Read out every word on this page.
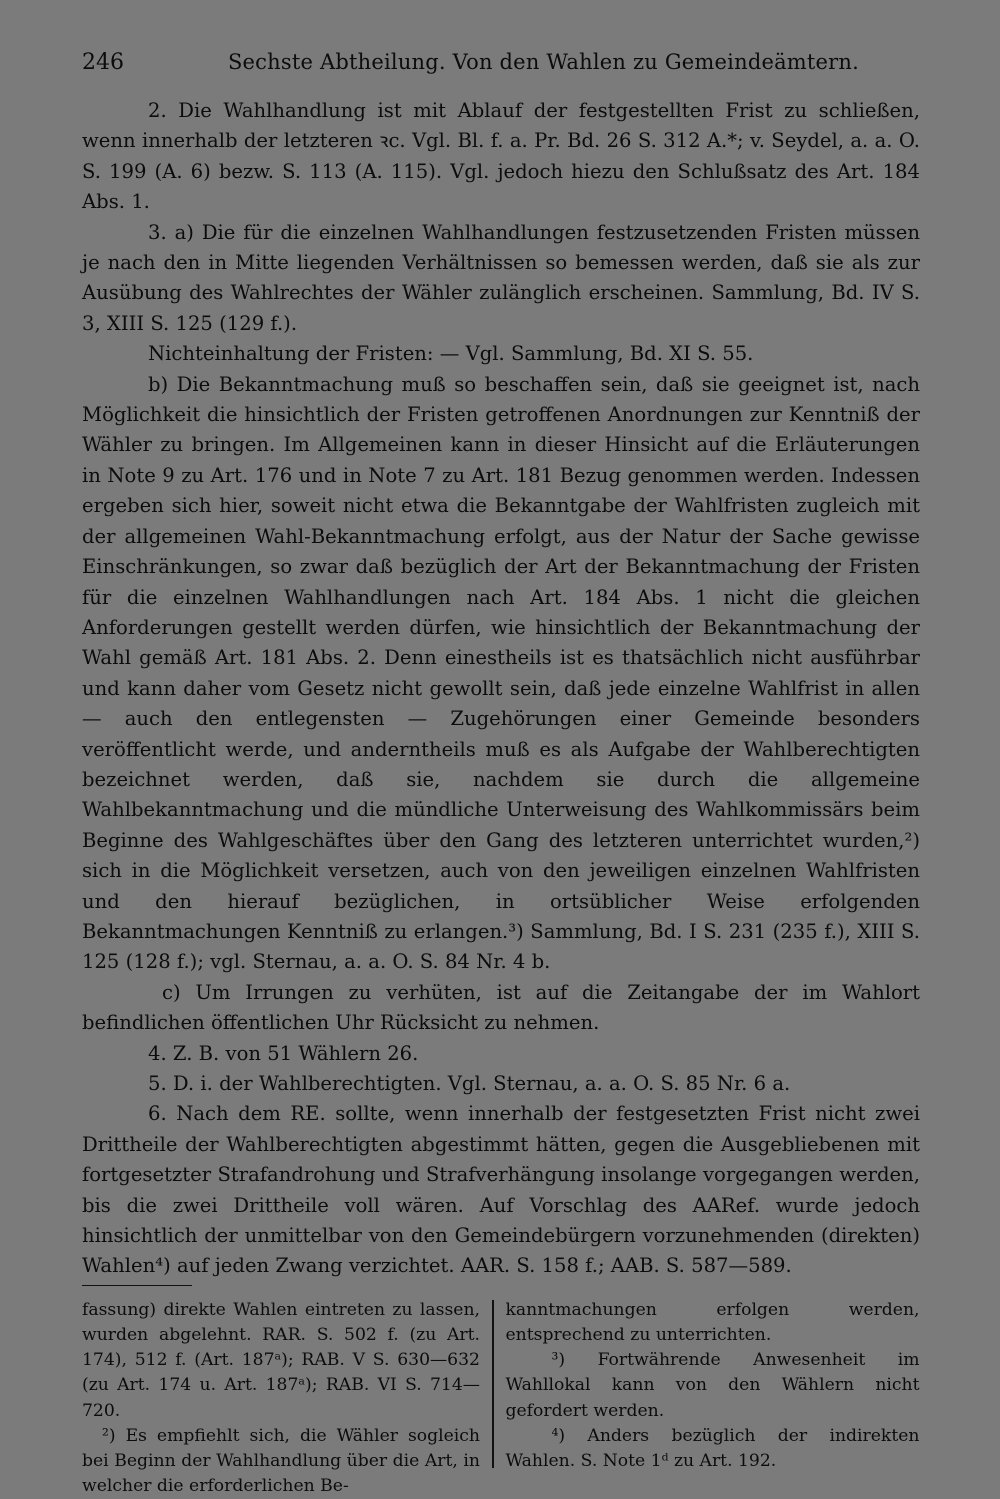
246	Sechste Abtheilung. Von den Wahlen zu Gemeindeämtern.

2. Die Wahlhandlung ist mit Ablauf der festgestellten Frist zu schließen, wenn innerhalb der letzteren ꝛc. Vgl. Bl. f. a. Pr. Bd. 26 S. 312 A.*; v. Seydel, a. a. O. S. 199 (A. 6) bezw. S. 113 (A. 115). Vgl. jedoch hiezu den Schlußsatz des Art. 184 Abs. 1.

3. a) Die für die einzelnen Wahlhandlungen festzusetzenden Fristen müssen je nach den in Mitte liegenden Verhältnissen so bemessen werden, daß sie als zur Ausübung des Wahlrechtes der Wähler zulänglich erscheinen. Sammlung, Bd. IV S. 3, XIII S. 125 (129 f.).

Nichteinhaltung der Fristen: — Vgl. Sammlung, Bd. XI S. 55.

b) Die Bekanntmachung muß so beschaffen sein, daß sie geeignet ist, nach Möglichkeit die hinsichtlich der Fristen getroffenen Anordnungen zur Kenntniß der Wähler zu bringen. Im Allgemeinen kann in dieser Hinsicht auf die Erläuterungen in Note 9 zu Art. 176 und in Note 7 zu Art. 181 Bezug genommen werden. Indessen ergeben sich hier, soweit nicht etwa die Bekanntgabe der Wahlfristen zugleich mit der allgemeinen Wahl-Bekanntmachung erfolgt, aus der Natur der Sache gewisse Einschränkungen, so zwar daß bezüglich der Art der Bekanntmachung der Fristen für die einzelnen Wahlhandlungen nach Art. 184 Abs. 1 nicht die gleichen Anforderungen gestellt werden dürfen, wie hinsichtlich der Bekanntmachung der Wahl gemäß Art. 181 Abs. 2. Denn einestheils ist es thatsächlich nicht ausführbar und kann daher vom Gesetz nicht gewollt sein, daß jede einzelne Wahlfrist in allen — auch den entlegensten — Zugehörungen einer Gemeinde besonders veröffentlicht werde, und anderntheils muß es als Aufgabe der Wahlberechtigten bezeichnet werden, daß sie, nachdem sie durch die allgemeine Wahlbekanntmachung und die mündliche Unterweisung des Wahlkommissärs beim Beginne des Wahlgeschäftes über den Gang des letzteren unterrichtet wurden,²) sich in die Möglichkeit versetzen, auch von den jeweiligen einzelnen Wahlfristen und den hierauf bezüglichen, in ortsüblicher Weise erfolgenden Bekanntmachungen Kenntniß zu erlangen.³) Sammlung, Bd. I S. 231 (235 f.), XIII S. 125 (128 f.); vgl. Sternau, a. a. O. S. 84 Nr. 4 b.

c) Um Irrungen zu verhüten, ist auf die Zeitangabe der im Wahlort befindlichen öffentlichen Uhr Rücksicht zu nehmen.

4. Z. B. von 51 Wählern 26.

5. D. i. der Wahlberechtigten. Vgl. Sternau, a. a. O. S. 85 Nr. 6 a.

6. Nach dem RE. sollte, wenn innerhalb der festgesetzten Frist nicht zwei Drittheile der Wahlberechtigten abgestimmt hätten, gegen die Ausgebliebenen mit fortgesetzter Strafandrohung und Strafverhängung insolange vorgegangen werden, bis die zwei Drittheile voll wären. Auf Vorschlag des AARef. wurde jedoch hinsichtlich der unmittelbar von den Gemeindebürgern vorzunehmenden (direkten) Wahlen⁴) auf jeden Zwang verzichtet. AAR. S. 158 f.; AAB. S. 587—589.

fassung) direkte Wahlen eintreten zu lassen, wurden abgelehnt. RAR. S. 502 f. (zu Art. 174), 512 f. (Art. 187ᵃ); RAB. V S. 630—632 (zu Art. 174 u. Art. 187ᵃ); RAB. VI S. 714—720.

²) Es empfiehlt sich, die Wähler sogleich bei Beginn der Wahlhandlung über die Art, in welcher die erforderlichen Be-

kanntmachungen erfolgen werden, entsprechend zu unterrichten.

³) Fortwährende Anwesenheit im Wahllokal kann von den Wählern nicht gefordert werden.

⁴) Anders bezüglich der indirekten Wahlen. S. Note 1ᵈ zu Art. 192.
